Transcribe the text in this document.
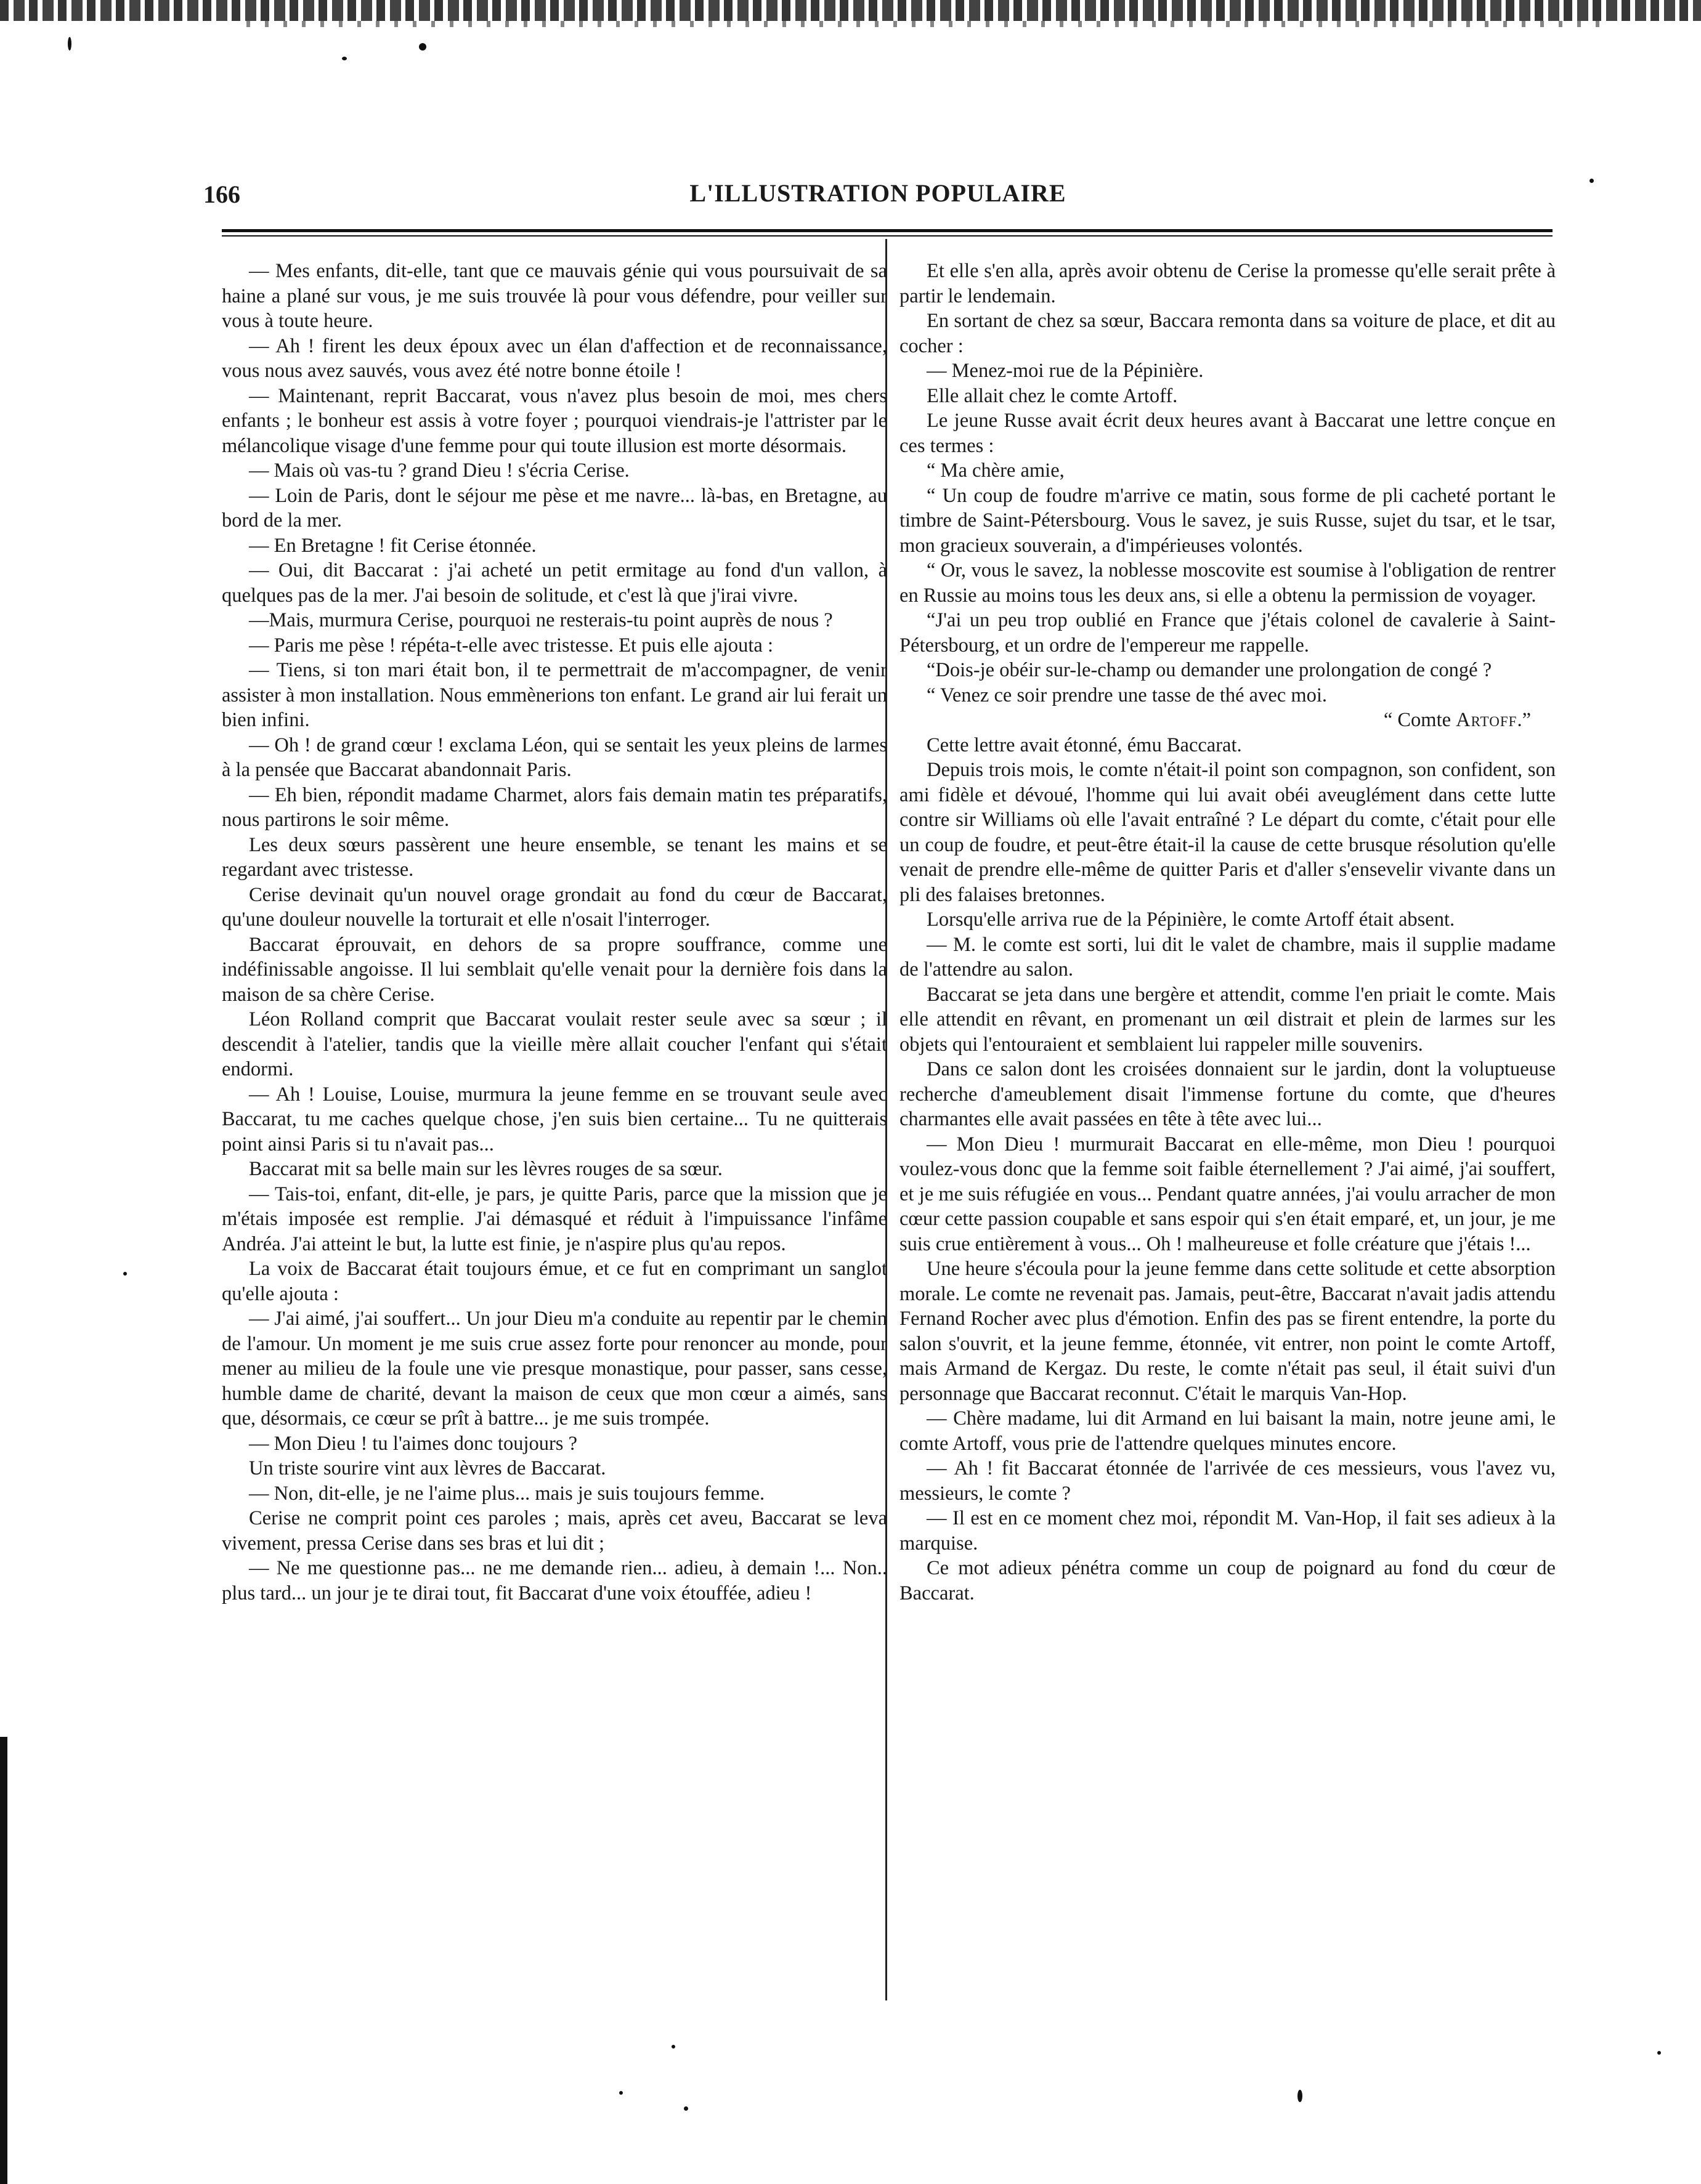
166	L'ILLUSTRATION POPULAIRE

— Mes enfants, dit-elle, tant que ce mauvais génie qui vous poursuivait de sa haine a plané sur vous, je me suis trouvée là pour vous défendre, pour veiller sur vous à toute heure.

— Ah ! firent les deux époux avec un élan d'affection et de reconnaissance, vous nous avez sauvés, vous avez été notre bonne étoile !

— Maintenant, reprit Baccarat, vous n'avez plus besoin de moi, mes chers enfants ; le bonheur est assis à votre foyer ; pourquoi viendrais-je l'attrister par le mélancolique visage d'une femme pour qui toute illusion est morte désormais.

— Mais où vas-tu ? grand Dieu ! s'écria Cerise.

— Loin de Paris, dont le séjour me pèse et me navre... là-bas, en Bretagne, au bord de la mer.

— En Bretagne ! fit Cerise étonnée.

— Oui, dit Baccarat : j'ai acheté un petit ermitage au fond d'un vallon, à quelques pas de la mer. J'ai besoin de solitude, et c'est là que j'irai vivre.

—Mais, murmura Cerise, pourquoi ne resterais-tu point auprès de nous ?

— Paris me pèse ! répéta-t-elle avec tristesse. Et puis elle ajouta :

— Tiens, si ton mari était bon, il te permettrait de m'accompagner, de venir assister à mon installation. Nous emmènerions ton enfant. Le grand air lui ferait un bien infini.

— Oh ! de grand cœur ! exclama Léon, qui se sentait les yeux pleins de larmes à la pensée que Baccarat abandonnait Paris.

— Eh bien, répondit madame Charmet, alors fais demain matin tes préparatifs, nous partirons le soir même.

Les deux sœurs passèrent une heure ensemble, se tenant les mains et se regardant avec tristesse.

Cerise devinait qu'un nouvel orage grondait au fond du cœur de Baccarat, qu'une douleur nouvelle la torturait et elle n'osait l'interroger.

Baccarat éprouvait, en dehors de sa propre souffrance, comme une indéfinissable angoisse. Il lui semblait qu'elle venait pour la dernière fois dans la maison de sa chère Cerise.

Léon Rolland comprit que Baccarat voulait rester seule avec sa sœur ; il descendit à l'atelier, tandis que la vieille mère allait coucher l'enfant qui s'était endormi.

— Ah ! Louise, Louise, murmura la jeune femme en se trouvant seule avec Baccarat, tu me caches quelque chose, j'en suis bien certaine... Tu ne quitterais point ainsi Paris si tu n'avait pas...

Baccarat mit sa belle main sur les lèvres rouges de sa sœur.

— Tais-toi, enfant, dit-elle, je pars, je quitte Paris, parce que la mission que je m'étais imposée est remplie. J'ai démasqué et réduit à l'impuissance l'infâme Andréa. J'ai atteint le but, la lutte est finie, je n'aspire plus qu'au repos.

La voix de Baccarat était toujours émue, et ce fut en comprimant un sanglot qu'elle ajouta :

— J'ai aimé, j'ai souffert... Un jour Dieu m'a conduite au repentir par le chemin de l'amour. Un moment je me suis crue assez forte pour renoncer au monde, pour mener au milieu de la foule une vie presque monastique, pour passer, sans cesse, humble dame de charité, devant la maison de ceux que mon cœur a aimés, sans que, désormais, ce cœur se prît à battre... je me suis trompée.

— Mon Dieu ! tu l'aimes donc toujours ?

Un triste sourire vint aux lèvres de Baccarat.

— Non, dit-elle, je ne l'aime plus... mais je suis toujours femme.

Cerise ne comprit point ces paroles ; mais, après cet aveu, Baccarat se leva vivement, pressa Cerise dans ses bras et lui dit ;

— Ne me questionne pas... ne me demande rien... adieu, à demain !... Non.. plus tard... un jour je te dirai tout, fit Baccarat d'une voix étouffée, adieu !

Et elle s'en alla, après avoir obtenu de Cerise la promesse qu'elle serait prête à partir le lendemain.

En sortant de chez sa sœur, Baccara remonta dans sa voiture de place, et dit au cocher :

— Menez-moi rue de la Pépinière.

Elle allait chez le comte Artoff.

Le jeune Russe avait écrit deux heures avant à Baccarat une lettre conçue en ces termes :

“ Ma chère amie,

“ Un coup de foudre m'arrive ce matin, sous forme de pli cacheté portant le timbre de Saint-Pétersbourg. Vous le savez, je suis Russe, sujet du tsar, et le tsar, mon gracieux souverain, a d'impérieuses volontés.

“ Or, vous le savez, la noblesse moscovite est soumise à l'obligation de rentrer en Russie au moins tous les deux ans, si elle a obtenu la permission de voyager.

“J'ai un peu trop oublié en France que j'étais colonel de cavalerie à Saint-Pétersbourg, et un ordre de l'empereur me rappelle.

“Dois-je obéir sur-le-champ ou demander une prolongation de congé ?

“ Venez ce soir prendre une tasse de thé avec moi.

“ Comte Artoff.”

Cette lettre avait étonné, ému Baccarat.

Depuis trois mois, le comte n'était-il point son compagnon, son confident, son ami fidèle et dévoué, l'homme qui lui avait obéi aveuglément dans cette lutte contre sir Williams où elle l'avait entraîné ? Le départ du comte, c'était pour elle un coup de foudre, et peut-être était-il la cause de cette brusque résolution qu'elle venait de prendre elle-même de quitter Paris et d'aller s'ensevelir vivante dans un pli des falaises bretonnes.

Lorsqu'elle arriva rue de la Pépinière, le comte Artoff était absent.

— M. le comte est sorti, lui dit le valet de chambre, mais il supplie madame de l'attendre au salon.

Baccarat se jeta dans une bergère et attendit, comme l'en priait le comte. Mais elle attendit en rêvant, en promenant un œil distrait et plein de larmes sur les objets qui l'entouraient et semblaient lui rappeler mille souvenirs.

Dans ce salon dont les croisées donnaient sur le jardin, dont la voluptueuse recherche d'ameublement disait l'immense fortune du comte, que d'heures charmantes elle avait passées en tête à tête avec lui...

— Mon Dieu ! murmurait Baccarat en elle-même, mon Dieu ! pourquoi voulez-vous donc que la femme soit faible éternellement ? J'ai aimé, j'ai souffert, et je me suis réfugiée en vous... Pendant quatre années, j'ai voulu arracher de mon cœur cette passion coupable et sans espoir qui s'en était emparé, et, un jour, je me suis crue entièrement à vous... Oh ! malheureuse et folle créature que j'étais !...

Une heure s'écoula pour la jeune femme dans cette solitude et cette absorption morale. Le comte ne revenait pas. Jamais, peut-être, Baccarat n'avait jadis attendu Fernand Rocher avec plus d'émotion. Enfin des pas se firent entendre, la porte du salon s'ouvrit, et la jeune femme, étonnée, vit entrer, non point le comte Artoff, mais Armand de Kergaz. Du reste, le comte n'était pas seul, il était suivi d'un personnage que Baccarat reconnut. C'était le marquis Van-Hop.

— Chère madame, lui dit Armand en lui baisant la main, notre jeune ami, le comte Artoff, vous prie de l'attendre quelques minutes encore.

— Ah ! fit Baccarat étonnée de l'arrivée de ces messieurs, vous l'avez vu, messieurs, le comte ?

— Il est en ce moment chez moi, répondit M. Van-Hop, il fait ses adieux à la marquise.

Ce mot adieux pénétra comme un coup de poignard au fond du cœur de Baccarat.
